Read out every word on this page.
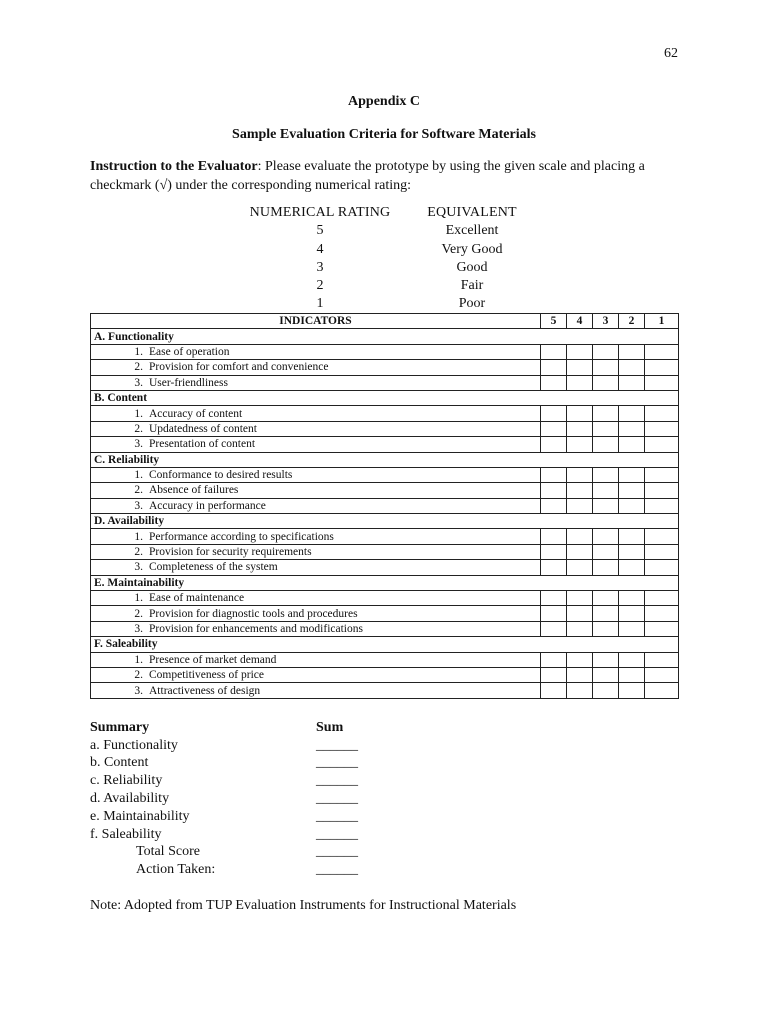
62
Appendix C
Sample Evaluation Criteria for Software Materials
Instruction to the Evaluator: Please evaluate the prototype by using the given scale and placing a checkmark (√) under the corresponding numerical rating:
NUMERICAL RATING	EQUIVALENT
5	Excellent
4	Very Good
3	Good
2	Fair
1	Poor
INDICATORS	5	4	3	2	1
A. Functionality					
1. Ease of operation					
2. Provision for comfort and convenience					
3. User-friendliness					
B. Content					
1. Accuracy of content					
2. Updatedness of content					
3. Presentation of content					
C. Reliability					
1. Conformance to desired results					
2. Absence of failures					
3. Accuracy in performance					
D. Availability					
1. Performance according to specifications					
2. Provision for security requirements					
3. Completeness of the system					
E. Maintainability					
1. Ease of maintenance					
2. Provision for diagnostic tools and procedures					
3. Provision for enhancements and modifications					
F. Saleability					
1. Presence of market demand					
2. Competitiveness of price					
3. Attractiveness of design					
Summary	Sum
a. Functionality	______
b. Content	______
c. Reliability	______
d. Availability	______
e. Maintainability	______
f. Saleability	______
Total Score	______
Action Taken:	______
Note: Adopted from TUP Evaluation Instruments for Instructional Materials
